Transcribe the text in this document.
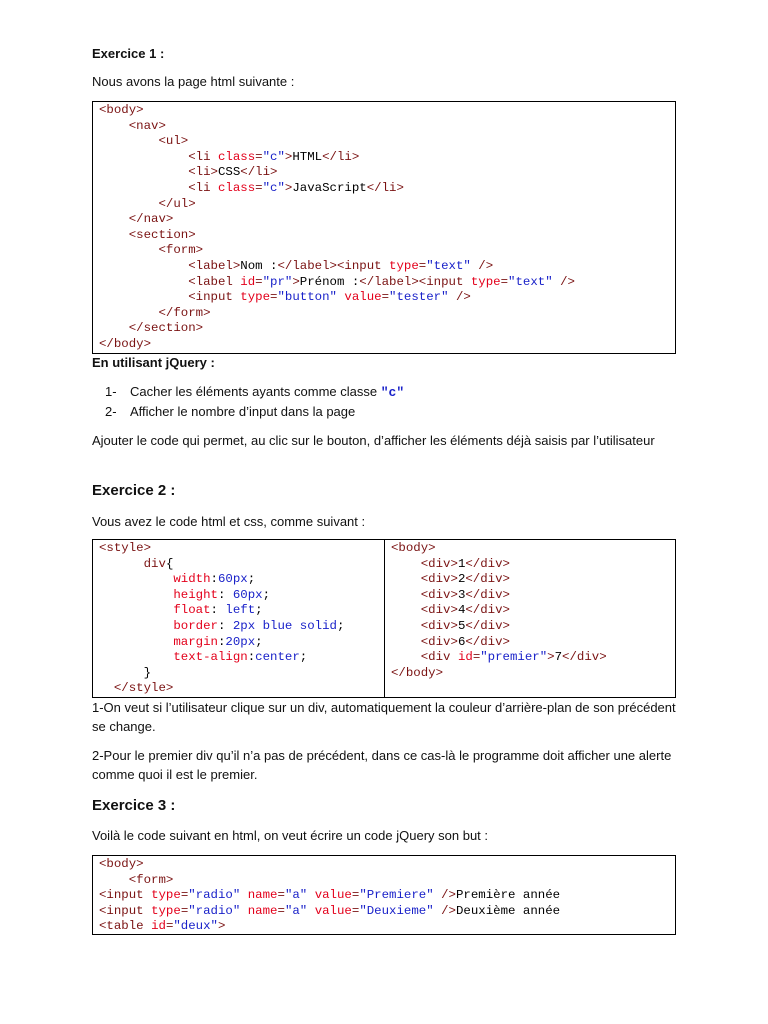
Exercice 1 :
Nous avons la page html suivante :
<body>
<nav>
<ul>
<li class="c">HTML</li>
<li>CSS</li>
<li class="c">JavaScript</li>
</ul>
</nav>
<section>
<form>
<label>Nom :</label><input type="text" />
<label id="pr">Prénom :</label><input type="text" />
<input type="button" value="tester" />
</form>
</section>
</body>
En utilisant jQuery :
1- Cacher les éléments ayants comme classe "c"
2- Afficher le nombre d’input dans la page
Ajouter le code qui permet, au clic sur le bouton, d’afficher les éléments déjà saisis par l’utilisateur
Exercice 2 :
Vous avez le code html et css, comme suivant :
<style>
div{
width:60px;
height: 60px;
float: left;
border: 2px blue solid;
margin:20px;
text-align:center;
}
</style>
<body>
<div>1</div>
<div>2</div>
<div>3</div>
<div>4</div>
<div>5</div>
<div>6</div>
<div id="premier">7</div>
</body>
1-On veut si l’utilisateur clique sur un div, automatiquement la couleur d’arrière-plan de son précédent se change.
2-Pour le premier div qu’il n’a pas de précédent, dans ce cas-là le programme doit afficher une alerte comme quoi il est le premier.
Exercice 3 :
Voilà le code suivant en html, on veut écrire un code jQuery son but :
<body>
<form>
<input type="radio" name="a" value="Premiere" />Première année
<input type="radio" name="a" value="Deuxieme" />Deuxième année
<table id="deux">
